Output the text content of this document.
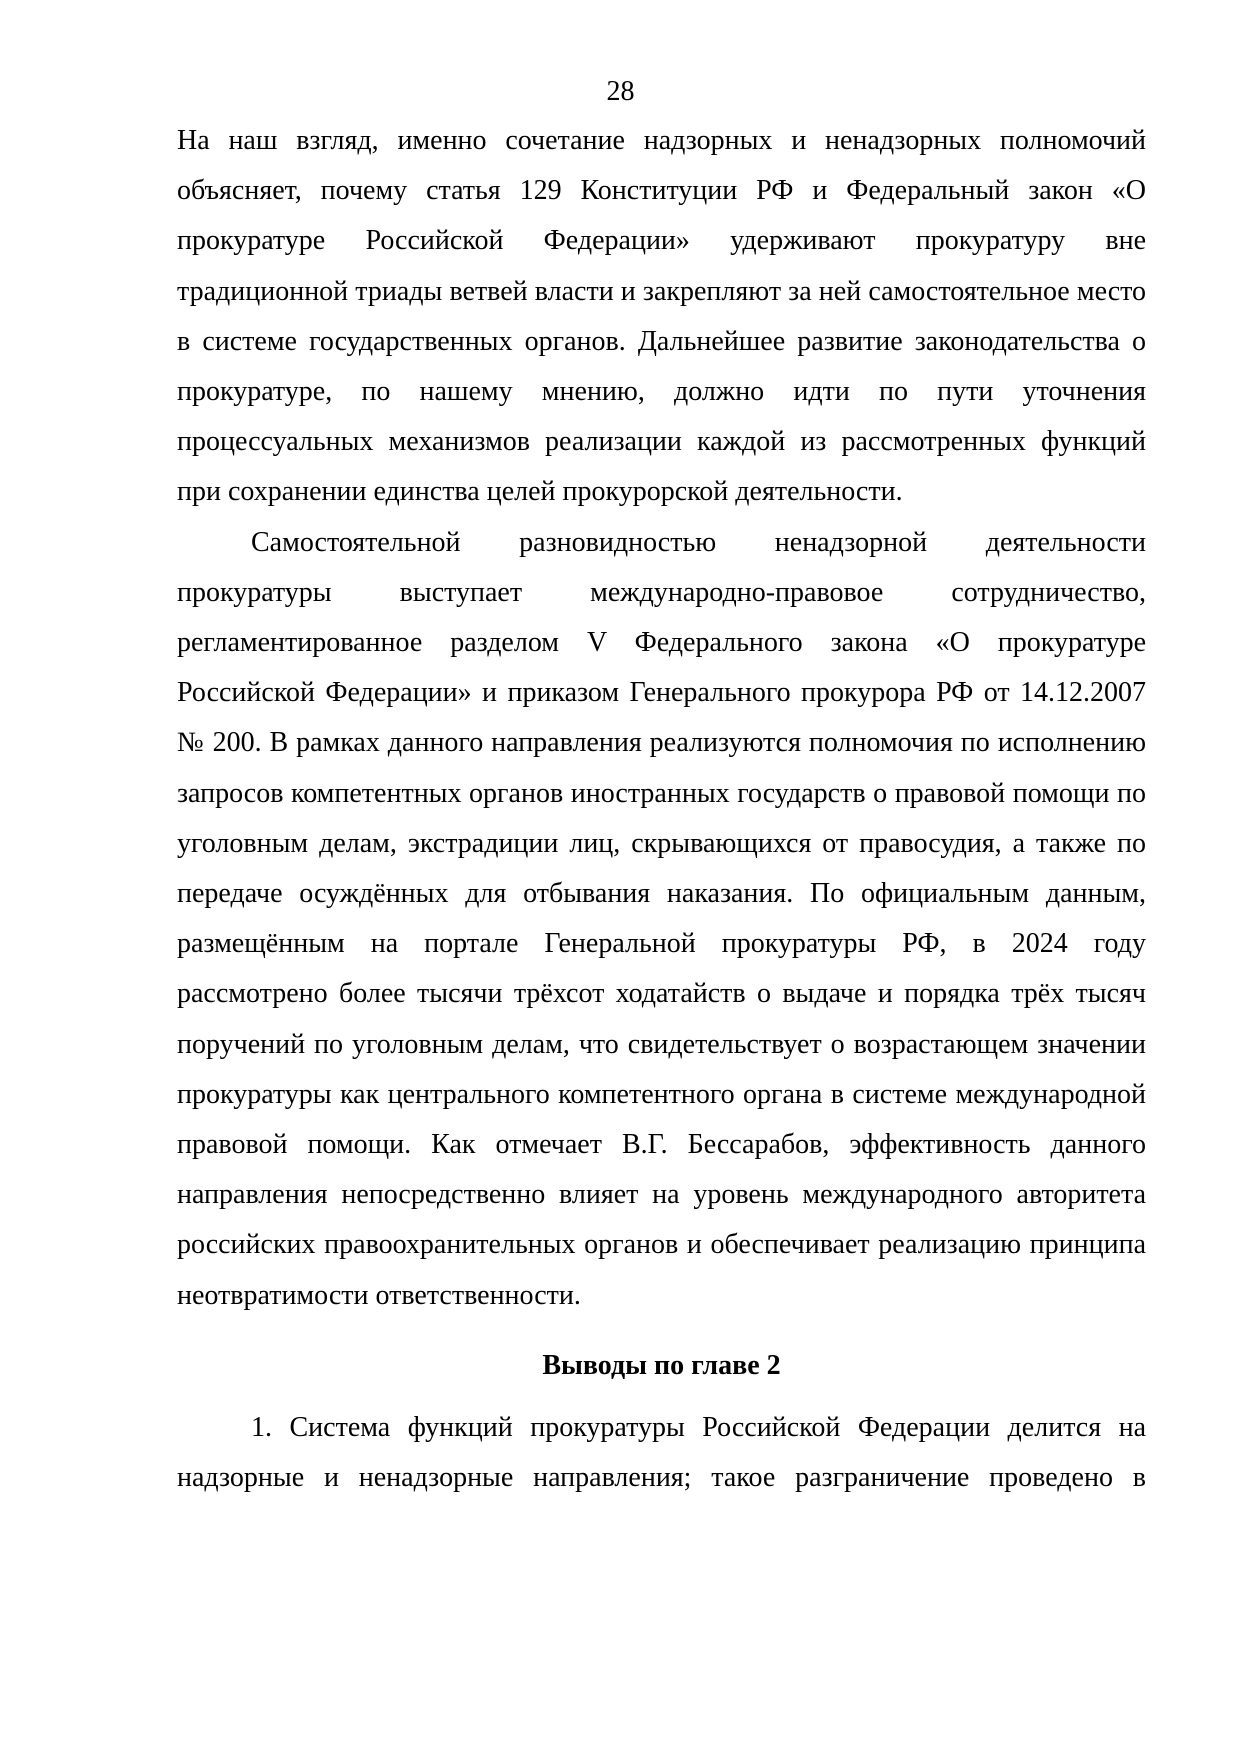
28

На наш взгляд, именно сочетание надзорных и ненадзорных полномочий объясняет, почему статья 129 Конституции РФ и Федеральный закон «О прокуратуре Российской Федерации» удерживают прокуратуру вне традиционной триады ветвей власти и закрепляют за ней самостоятельное место в системе государственных органов. Дальнейшее развитие законодательства о прокуратуре, по нашему мнению, должно идти по пути уточнения процессуальных механизмов реализации каждой из рассмотренных функций при сохранении единства целей прокурорской деятельности.

Самостоятельной разновидностью ненадзорной деятельности прокуратуры выступает международно-правовое сотрудничество, регламентированное разделом V Федерального закона «О прокуратуре Российской Федерации» и приказом Генерального прокурора РФ от 14.12.2007 № 200. В рамках данного направления реализуются полномочия по исполнению запросов компетентных органов иностранных государств о правовой помощи по уголовным делам, экстрадиции лиц, скрывающихся от правосудия, а также по передаче осуждённых для отбывания наказания. По официальным данным, размещённым на портале Генеральной прокуратуры РФ, в 2024 году рассмотрено более тысячи трёхсот ходатайств о выдаче и порядка трёх тысяч поручений по уголовным делам, что свидетельствует о возрастающем значении прокуратуры как центрального компетентного органа в системе международной правовой помощи. Как отмечает В.Г. Бессарабов, эффективность данного направления непосредственно влияет на уровень международного авторитета российских правоохранительных органов и обеспечивает реализацию принципа неотвратимости ответственности.

Выводы по главе 2

1. Система функций прокуратуры Российской Федерации делится на надзорные и ненадзорные направления; такое разграничение проведено в
